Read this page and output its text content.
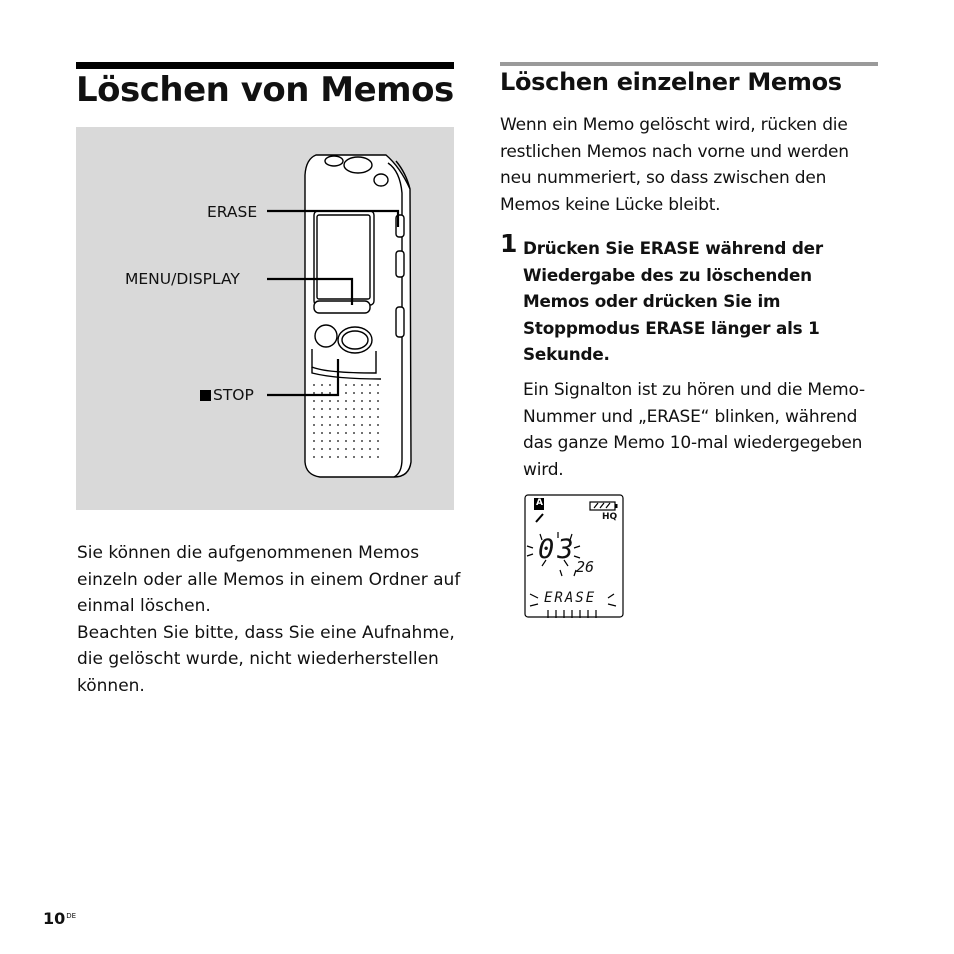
Löschen von Memos
ERASE
MENU/DISPLAY
STOP

Sie können die aufgenommenen Memos einzeln oder alle Memos in einem Ordner auf einmal löschen.

Beachten Sie bitte, dass Sie eine Aufnahme, die gelöscht wurde, nicht wiederherstellen können.

Löschen einzelner Memos
Wenn ein Memo gelöscht wird, rücken die restlichen Memos nach vorne und werden neu nummeriert, so dass zwischen den Memos keine Lücke bleibt.
1 Drücken Sie ERASE während der Wiedergabe des zu löschenden Memos oder drücken Sie im Stoppmodus ERASE länger als 1 Sekunde.
Ein Signalton ist zu hören und die Memo-Nummer und „ERASE“ blinken, während das ganze Memo 10-mal wiedergegeben wird.
A
HQ
03
26
ERASE
10DE
